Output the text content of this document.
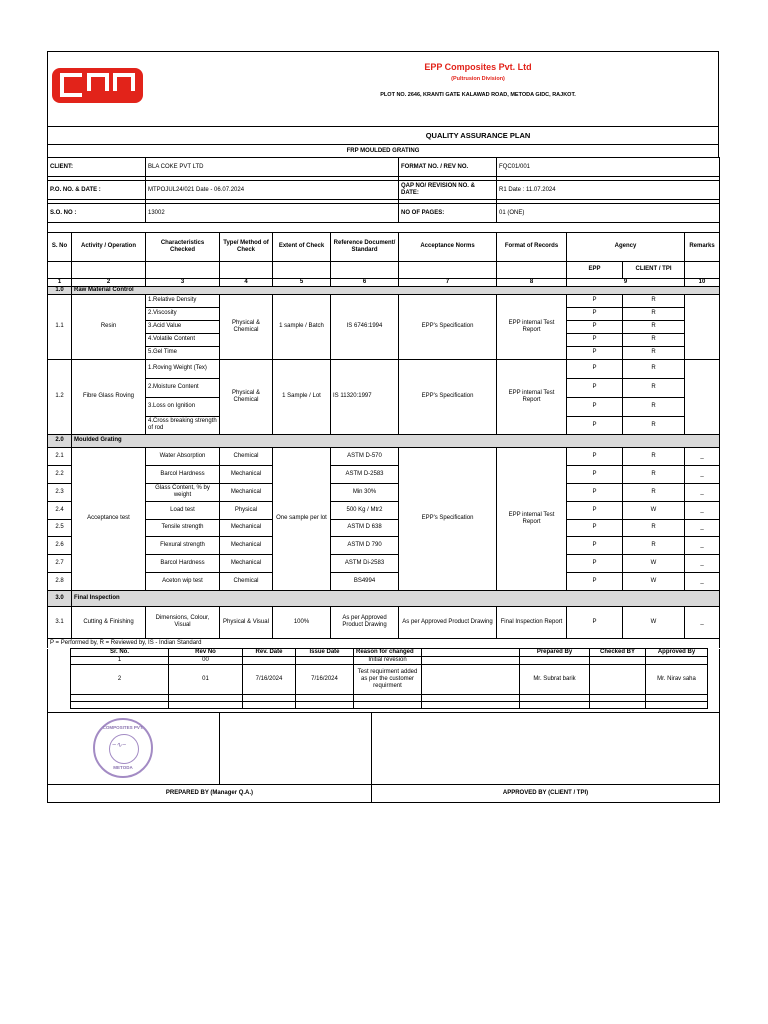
EPP Composites Pvt. Ltd
(Pultrusion Division)
PLOT NO. 2646, KRANTI GATE KALAWAD ROAD, METODA GIDC, RAJKOT.
QUALITY ASSURANCE PLAN
FRP MOULDED GRATING
CLIENT:	BLA COKE PVT LTD	FORMAT NO. / REV NO.	FQC01/001

P.O. NO. & DATE :	MTPOJUL24/021 Date - 06.07.2024	QAP NO/ REVISION NO. & DATE:	R1 Date : 11.07.2024

S.O. NO :	13002	NO OF PAGES:	01 (ONE)

S. No	Activity / Operation	Characteristics Checked	Type/ Method of Check	Extent of Check	Reference Document/ Standard	Acceptance Norms	Format of Records	Agency		Remarks
								EPP	CLIENT / TPI	
1	2	3	4	5	6	7	8	9		10
1.0	Raw Material Control									
1.1	Resin	1.Relative Density	Physical & Chemical	1 sample / Batch	IS 6746:1994	EPP's Specification	EPP internal Test Report	P	R	
		2.Viscosity						P	R	
		3.Acid Value						P	R	
		4.Volatile Content						P	R	
		5.Gel Time						P	R	
1.2	Fibre Glass Roving	1.Roving Weight (Tex)	Physical & Chemical	1 Sample / Lot	IS 11320:1997	EPP's Specification	EPP internal Test Report	P	R	
		2.Moisture Content						P	R	
		3.Loss on Ignition						P	R	
		4.Cross breaking strength of rod						P	R	
2.0	Moulded Grating									
2.1	Acceptance test	Water Absorption	Chemical	One sample per lot	ASTM D-570	EPP's Specification	EPP internal Test Report	P	R	_
2.2		Barcol Hardness	Mechanical		ASTM D-2583			P	R	_
2.3		Glass Content, % by weight	Mechanical		Min 30%			P	R	_
2.4		Load test	Physical		500 Kg / Mtr2			P	W	_
2.5		Tensile strength	Mechanical		ASTM D 638			P	R	_
2.6		Flexural strength	Mechanical		ASTM D 790			P	R	_
2.7		Barcol Hardness	Mechanical		ASTM Di-2583			P	W	_
2.8		Aceton wip test	Chemical		BS4994			P	W	_
3.0	Final Inspection									
3.1	Cutting & Finishing	Dimensions, Colour, Visual	Physical & Visual	100%	As per Approved Product Drawing	As per Approved Product Drawing	Final Inspection Report	P	W	_
P = Performed by, R = Reviewed by, IS - Indian Standard										
	Sr. No.	Rev No	Rev. Date	Issue Date	Reason for changed		Prepared By	Checked BY	Approved By	
	1	00			Initial revesion					
	2	01	7/16/2024	7/16/2024	Test requirment added as per the customer requirment		Mr. Subrat barik		Mr. Nirav saha	

COMPOSITES PVT.
~∿~
METODA		

PREPARED BY (Manager Q.A.)		APPROVED BY (CLIENT / TPI)
